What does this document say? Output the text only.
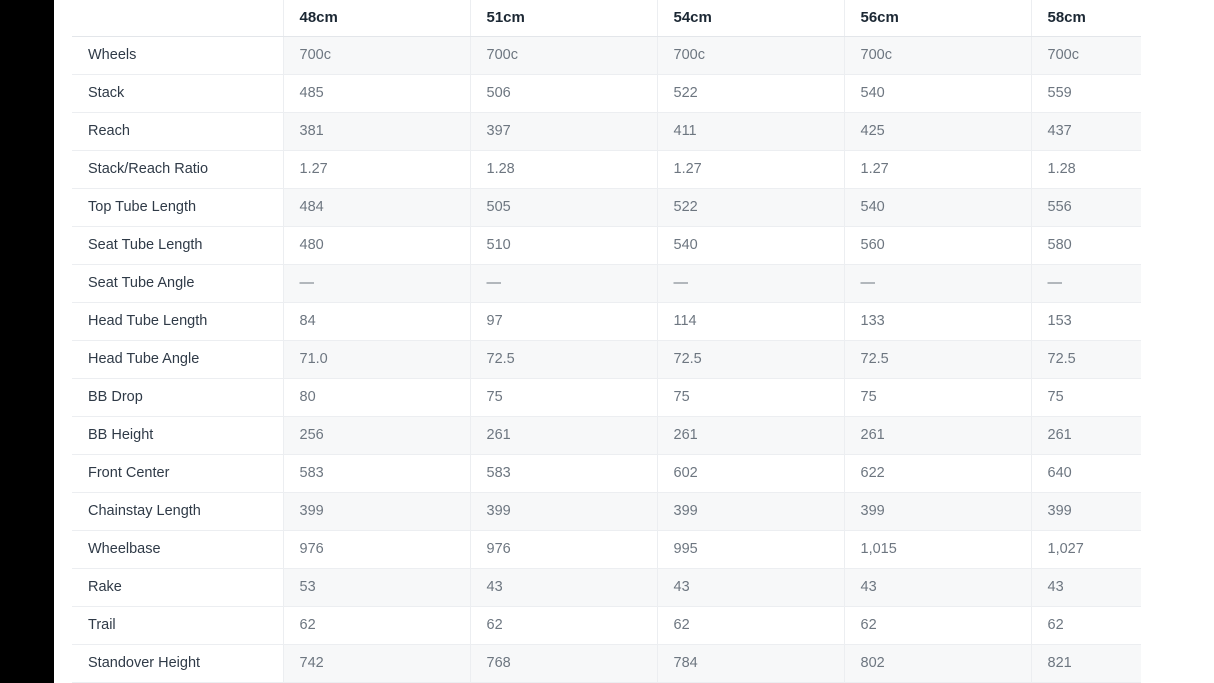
	48cm	51cm	54cm	56cm	58cm
Wheels	700c	700c	700c	700c	700c
Stack	485	506	522	540	559
Reach	381	397	411	425	437
Stack/Reach Ratio	1.27	1.28	1.27	1.27	1.28
Top Tube Length	484	505	522	540	556
Seat Tube Length	480	510	540	560	580
Seat Tube Angle	—	—	—	—	—
Head Tube Length	84	97	114	133	153
Head Tube Angle	71.0	72.5	72.5	72.5	72.5
BB Drop	80	75	75	75	75
BB Height	256	261	261	261	261
Front Center	583	583	602	622	640
Chainstay Length	399	399	399	399	399
Wheelbase	976	976	995	1,015	1,027
Rake	53	43	43	43	43
Trail	62	62	62	62	62
Standover Height	742	768	784	802	821
